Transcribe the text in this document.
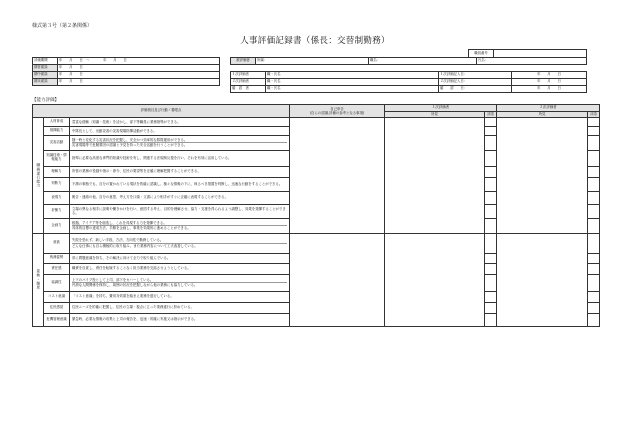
様式第３号（第２条関係）
人事評価記録書（係長：交替制勤務）
職員番号	
評価期間	年　　月　　日　～　　　　年　　月　　日
期首面談	年　　月　　日
期中面談	年　　月　　日
期末面談	年　　月　　日
被評価者	所属：	職名：	氏名：
１次評価者	職・氏名	１次評価記入日：	年　　月　　日
２次評価者	職・氏名	２次評価記入日：	年　　月　　日
確　認　者	職・氏名	確　　認　　日：	年　　月　　日
【能力評価】
評価項目及び行動ノ着眼点			自己申告
(自らの認識,評価の参考となる事項)	１次評価者		２次評価者	
				所見	評語	所見	評語
職務遂行能力	人材育成	豊富な経験（知識・技術）を活かし、部下等職員に業務指導ができる。					

	指揮能力	中隊長として、出動災害の災害現場指揮活動ができる。					

	災害活動	随一時と変化する災害状況を把握し、安全かつ効率的な隊隊運用ができる。
災害現場等で危険要因の認識と予見を持った安全活動を行うことができる。					

	知識技術・情報能力	指導に必要な高度な専門的知識や技術を有し、関連する法規制反復を行い、それを有効に活用している。					

	理解力	所管の業務の役割や指示・命令、住民の要望等を正確に理解把握することができる。					

	判断力	不測の事態でも、自分の置かれている現状を的確に認識し、様々な情報の下に、執るべき措置を判断し、迅速な行動をすることができる。					

	表現力	報告・連絡の他、自分の意思、考え方を口頭・文書により相手がすぐに正確に表現することができる。					

	折衝力	立場の異なる相手に説明や働きかけを行い、意図する考え、目的を理解させ、協力・支援を得られるよう調整し、効果を発揮することができる。					

	企画力	根拠、アイデア等を創造し、これを具現する力を発揮できる。
具体的目標の達成方法、手順を企画し、事業を効果的に進めることができる。					

姿勢・態度	意欲	失敗を恐れず、新しい手段、方法、方向性で勤務している。
どんな仕事にも自ら積極的に取り組み、また業務内容について工夫改善している。					

	執務姿勢	常に問題意識を持ち、その解決に向けて全力で取り組んでいる。					

	責任感	職責を自覚し、責任を転嫁することなく担当業務を完結させようとしている。					

	協調性	上下のパイプ役として上司、部下をカバーしている。
円滑な人間関係を保持し、周囲の状況を把握しながら他の業務にも協力している。					

	コスト意識	「コスト意識」を持ち、費用対効果を踏まえ業務を遂行している。					

	住民感覚	住民ニーズを的確に把握し、住民の立場・視点に立った業務遂行に努めている。					

	危機管理意識	緊急時、必要な情報の収集と上司の報告を、迅速・的確に実施又は指示ができる。					
